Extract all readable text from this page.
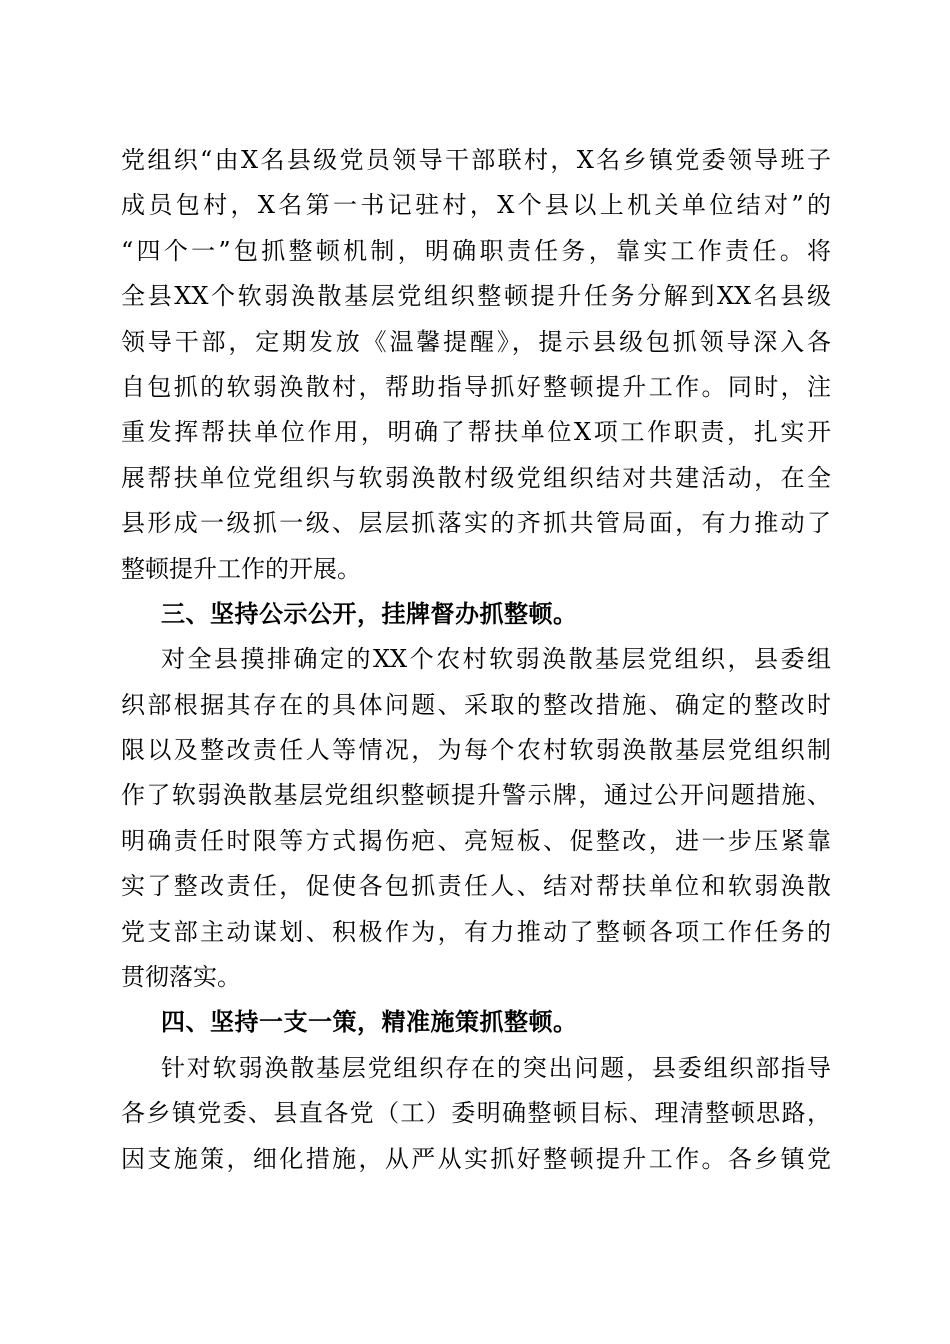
党组织“由X名县级党员领导干部联村，X名乡镇党委领导班子
成员包村，X名第一书记驻村，X个县以上机关单位结对”的
“四个一”包抓整顿机制，明确职责任务，靠实工作责任。将
全县XX个软弱涣散基层党组织整顿提升任务分解到XX名县级
领导干部，定期发放《温馨提醒》，提示县级包抓领导深入各
自包抓的软弱涣散村，帮助指导抓好整顿提升工作。同时，注
重发挥帮扶单位作用，明确了帮扶单位X项工作职责，扎实开
展帮扶单位党组织与软弱涣散村级党组织结对共建活动，在全
县形成一级抓一级、层层抓落实的齐抓共管局面，有力推动了
整顿提升工作的开展。
三、坚持公示公开，挂牌督办抓整顿。
对全县摸排确定的XX个农村软弱涣散基层党组织，县委组
织部根据其存在的具体问题、采取的整改措施、确定的整改时
限以及整改责任人等情况，为每个农村软弱涣散基层党组织制
作了软弱涣散基层党组织整顿提升警示牌，通过公开问题措施、
明确责任时限等方式揭伤疤、亮短板、促整改，进一步压紧靠
实了整改责任，促使各包抓责任人、结对帮扶单位和软弱涣散
党支部主动谋划、积极作为，有力推动了整顿各项工作任务的
贯彻落实。
四、坚持一支一策，精准施策抓整顿。
针对软弱涣散基层党组织存在的突出问题，县委组织部指导
各乡镇党委、县直各党（工）委明确整顿目标、理清整顿思路，
因支施策，细化措施，从严从实抓好整顿提升工作。各乡镇党
